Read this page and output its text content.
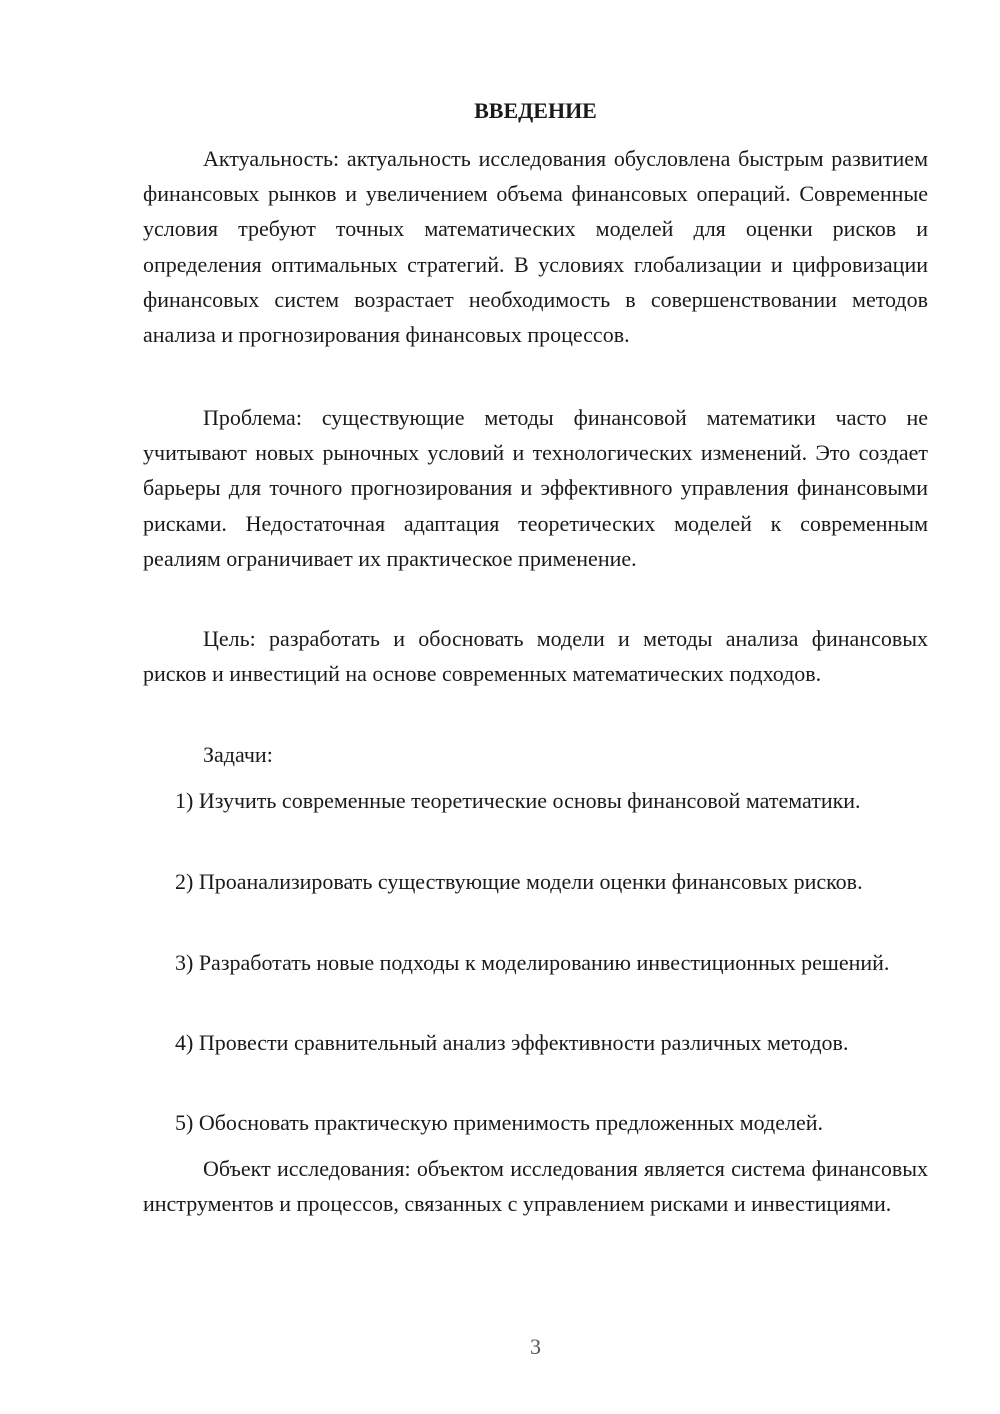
ВВЕДЕНИЕ

Актуальность: актуальность исследования обусловлена быстрым развитием финансовых рынков и увеличением объема финансовых операций. Современные условия требуют точных математических моделей для оценки рисков и определения оптимальных стратегий. В условиях глобализации и цифровизации финансовых систем возрастает необходимость в совершенствовании методов анализа и прогнозирования финансовых процессов.

Проблема: существующие методы финансовой математики часто не учитывают новых рыночных условий и технологических изменений. Это создает барьеры для точного прогнозирования и эффективного управления финансовыми рисками. Недостаточная адаптация теоретических моделей к современным реалиям ограничивает их практическое применение.

Цель: разработать и обосновать модели и методы анализа финансовых рисков и инвестиций на основе современных математических подходов.

Задачи:

1) Изучить современные теоретические основы финансовой математики.

2) Проанализировать существующие модели оценки финансовых рисков.

3) Разработать новые подходы к моделированию инвестиционных решений.

4) Провести сравнительный анализ эффективности различных методов.

5) Обосновать практическую применимость предложенных моделей.

Объект исследования: объектом исследования является система финансовых инструментов и процессов, связанных с управлением рисками и инвестициями.

3
